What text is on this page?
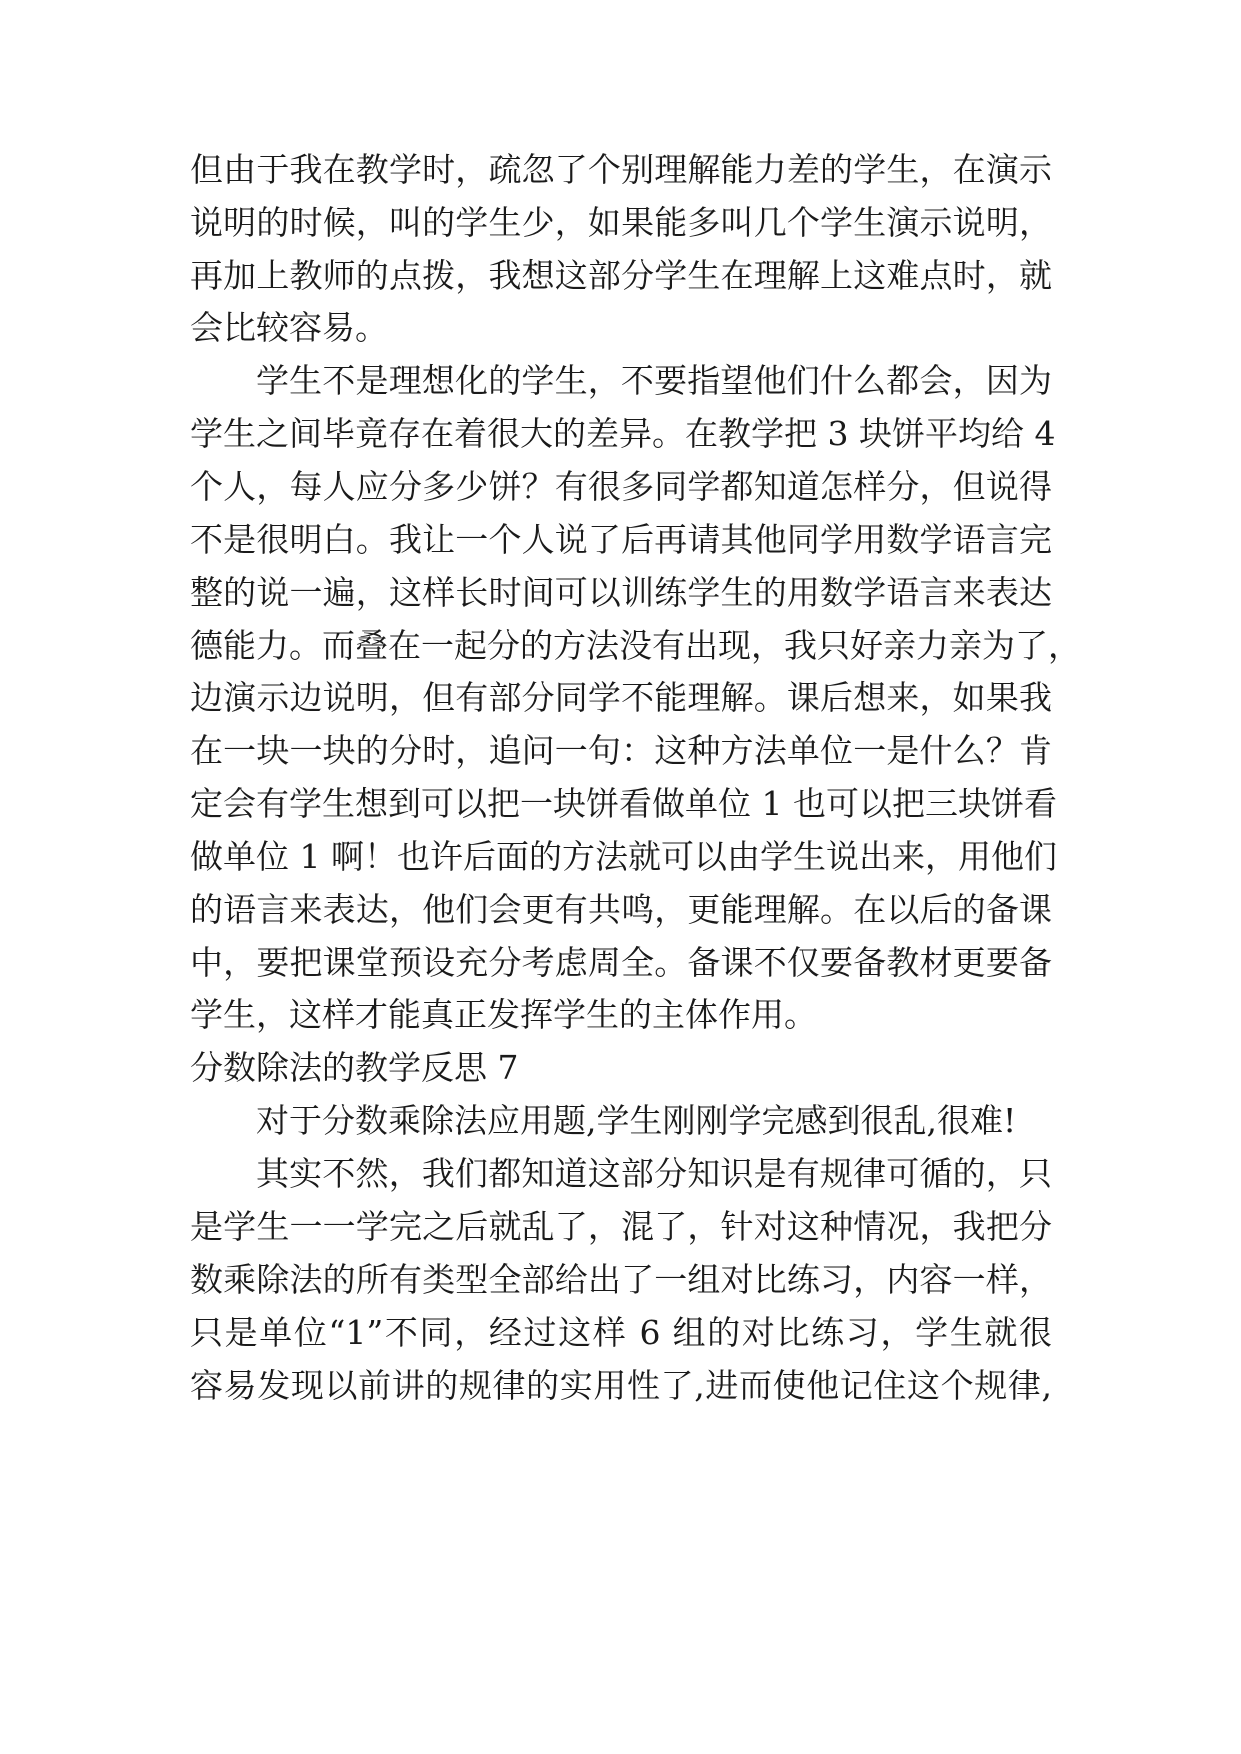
但由于我在教学时，疏忽了个别理解能力差的学生，在演示
说明的时候，叫的学生少，如果能多叫几个学生演示说明，
再加上教师的点拨，我想这部分学生在理解上这难点时，就
会比较容易。
学生不是理想化的学生，不要指望他们什么都会，因为
学生之间毕竟存在着很大的差异。在教学把 3 块饼平均给 4
个人，每人应分多少饼？有很多同学都知道怎样分，但说得
不是很明白。我让一个人说了后再请其他同学用数学语言完
整的说一遍，这样长时间可以训练学生的用数学语言来表达
德能力。而叠在一起分的方法没有出现，我只好亲力亲为了，
边演示边说明，但有部分同学不能理解。课后想来，如果我
在一块一块的分时，追问一句：这种方法单位一是什么？肯
定会有学生想到可以把一块饼看做单位 1 也可以把三块饼看
做单位 1 啊！也许后面的方法就可以由学生说出来，用他们
的语言来表达，他们会更有共鸣，更能理解。在以后的备课
中，要把课堂预设充分考虑周全。备课不仅要备教材更要备
学生，这样才能真正发挥学生的主体作用。
分数除法的教学反思 7
对于分数乘除法应用题,学生刚刚学完感到很乱,很难!
其实不然，我们都知道这部分知识是有规律可循的，只
是学生一一学完之后就乱了，混了，针对这种情况，我把分
数乘除法的所有类型全部给出了一组对比练习，内容一样，
只是单位“1”不同，经过这样 6 组的对比练习，学生就很
容易发现以前讲的规律的实用性了,进而使他记住这个规律,
